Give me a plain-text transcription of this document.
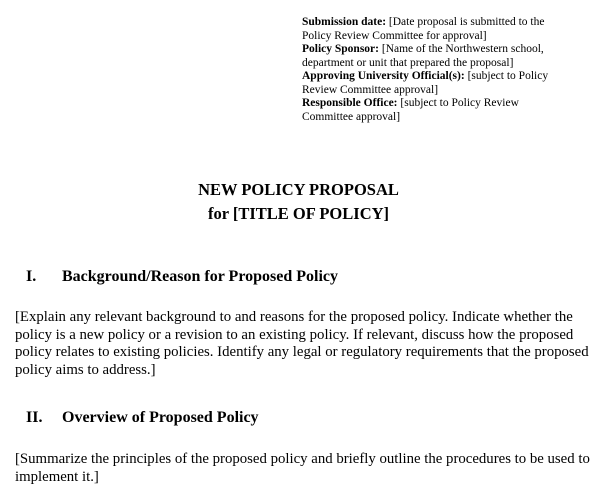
Submission date: [Date proposal is submitted to the Policy Review Committee for approval]
Policy Sponsor: [Name of the Northwestern school, department or unit that prepared the proposal]
Approving University Official(s): [subject to Policy Review Committee approval]
Responsible Office: [subject to Policy Review Committee approval]
NEW POLICY PROPOSAL
for [TITLE OF POLICY]
I. Background/Reason for Proposed Policy
[Explain any relevant background to and reasons for the proposed policy. Indicate whether the policy is a new policy or a revision to an existing policy. If relevant, discuss how the proposed policy relates to existing policies. Identify any legal or regulatory requirements that the proposed policy aims to address.]
II. Overview of Proposed Policy
[Summarize the principles of the proposed policy and briefly outline the procedures to be used to implement it.]
